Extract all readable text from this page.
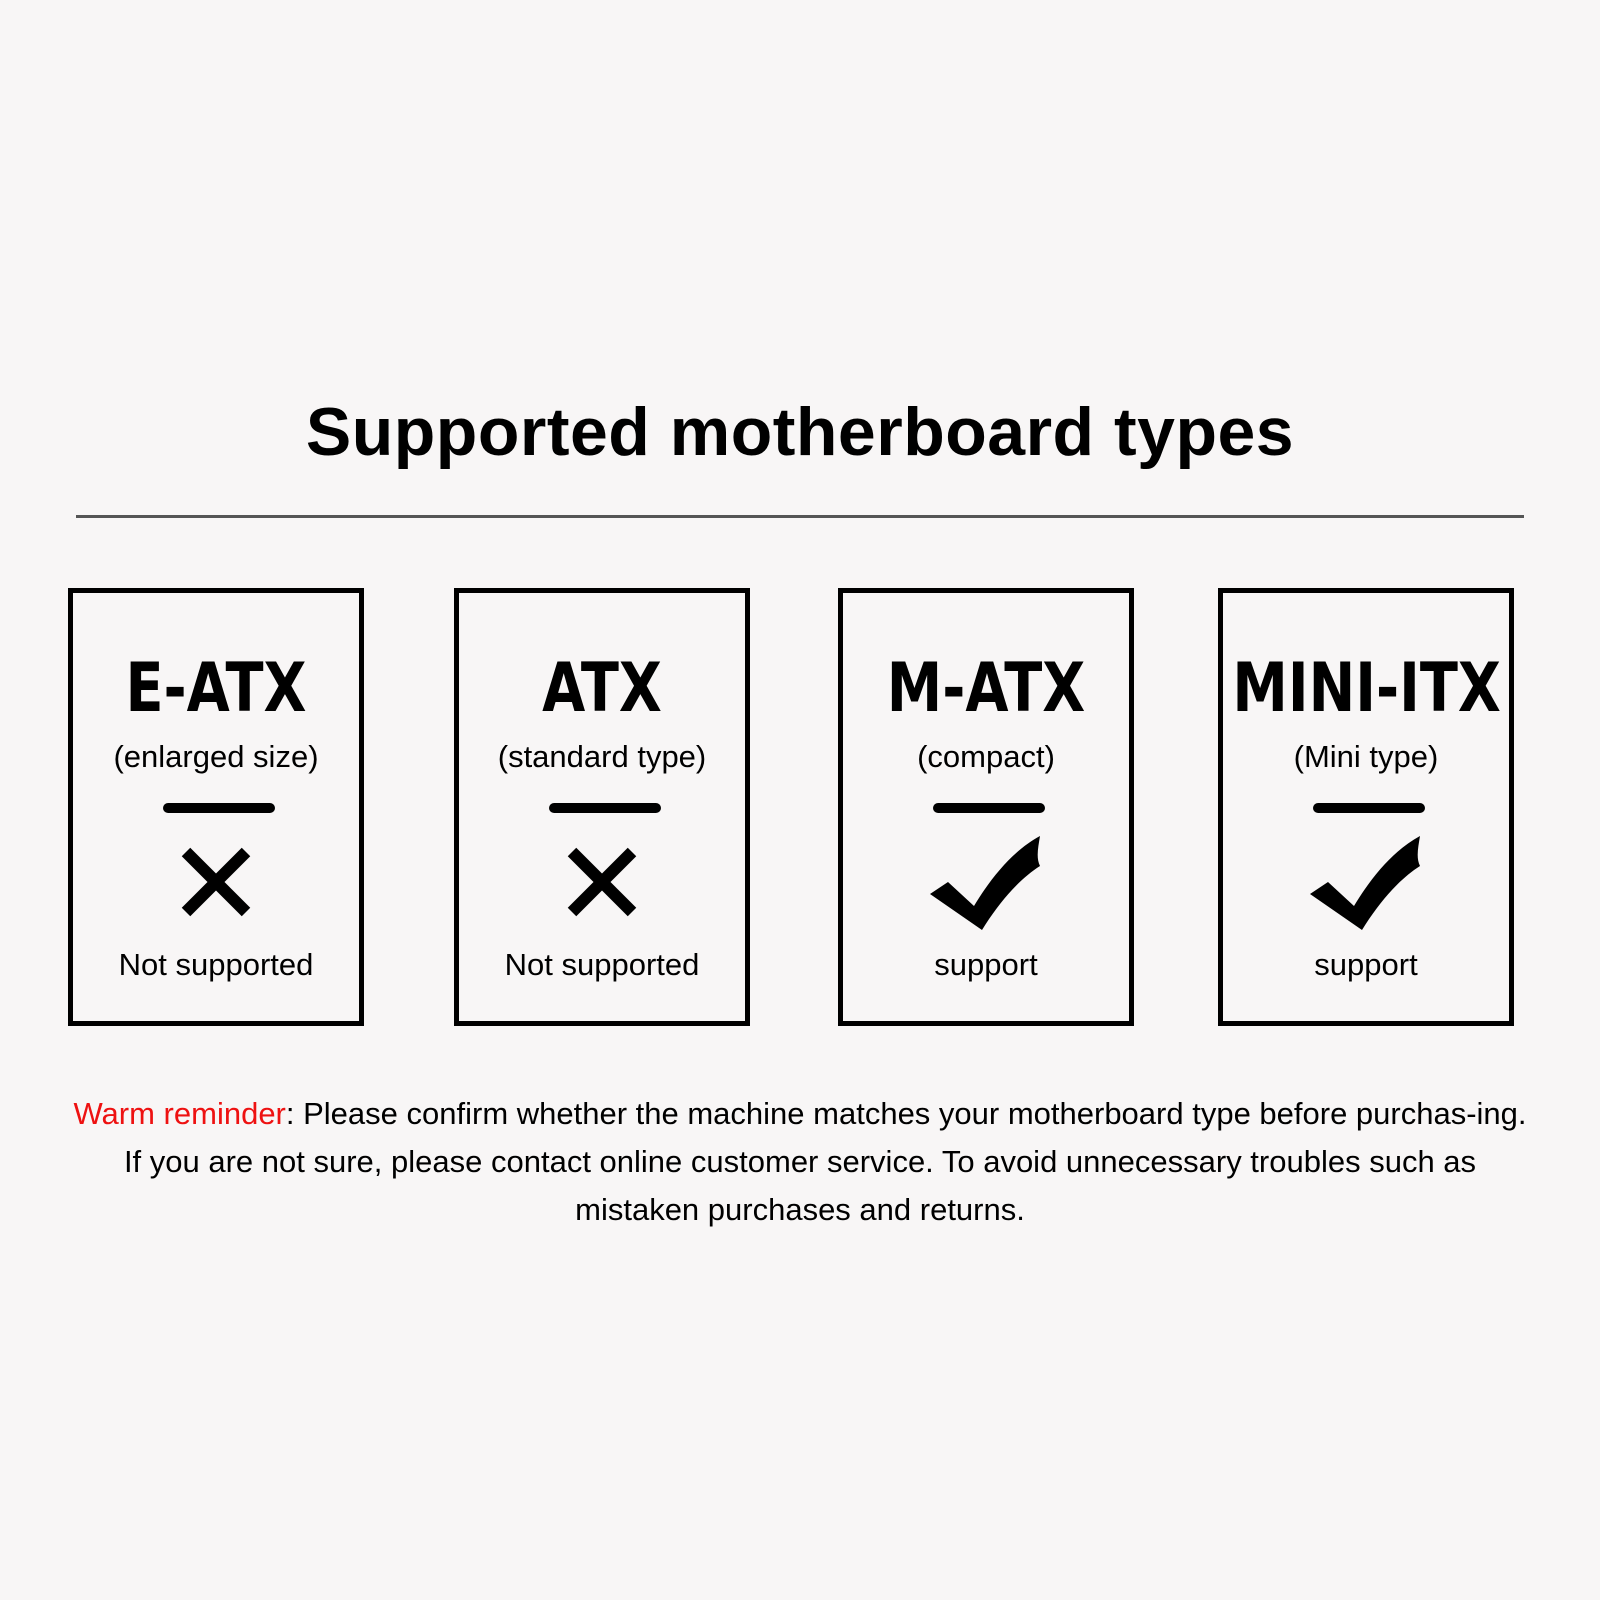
Supported motherboard types
E-ATX
(enlarged size)
Not supported
ATX
(standard type)
Not supported
M-ATX
(compact)
support
MINI-ITX
(Mini type)
support

Warm reminder: Please confirm whether the machine matches your motherboard type before purchas-ing. If you are not sure, please contact online customer service. To avoid unnecessary troubles such as mistaken purchases and returns.
